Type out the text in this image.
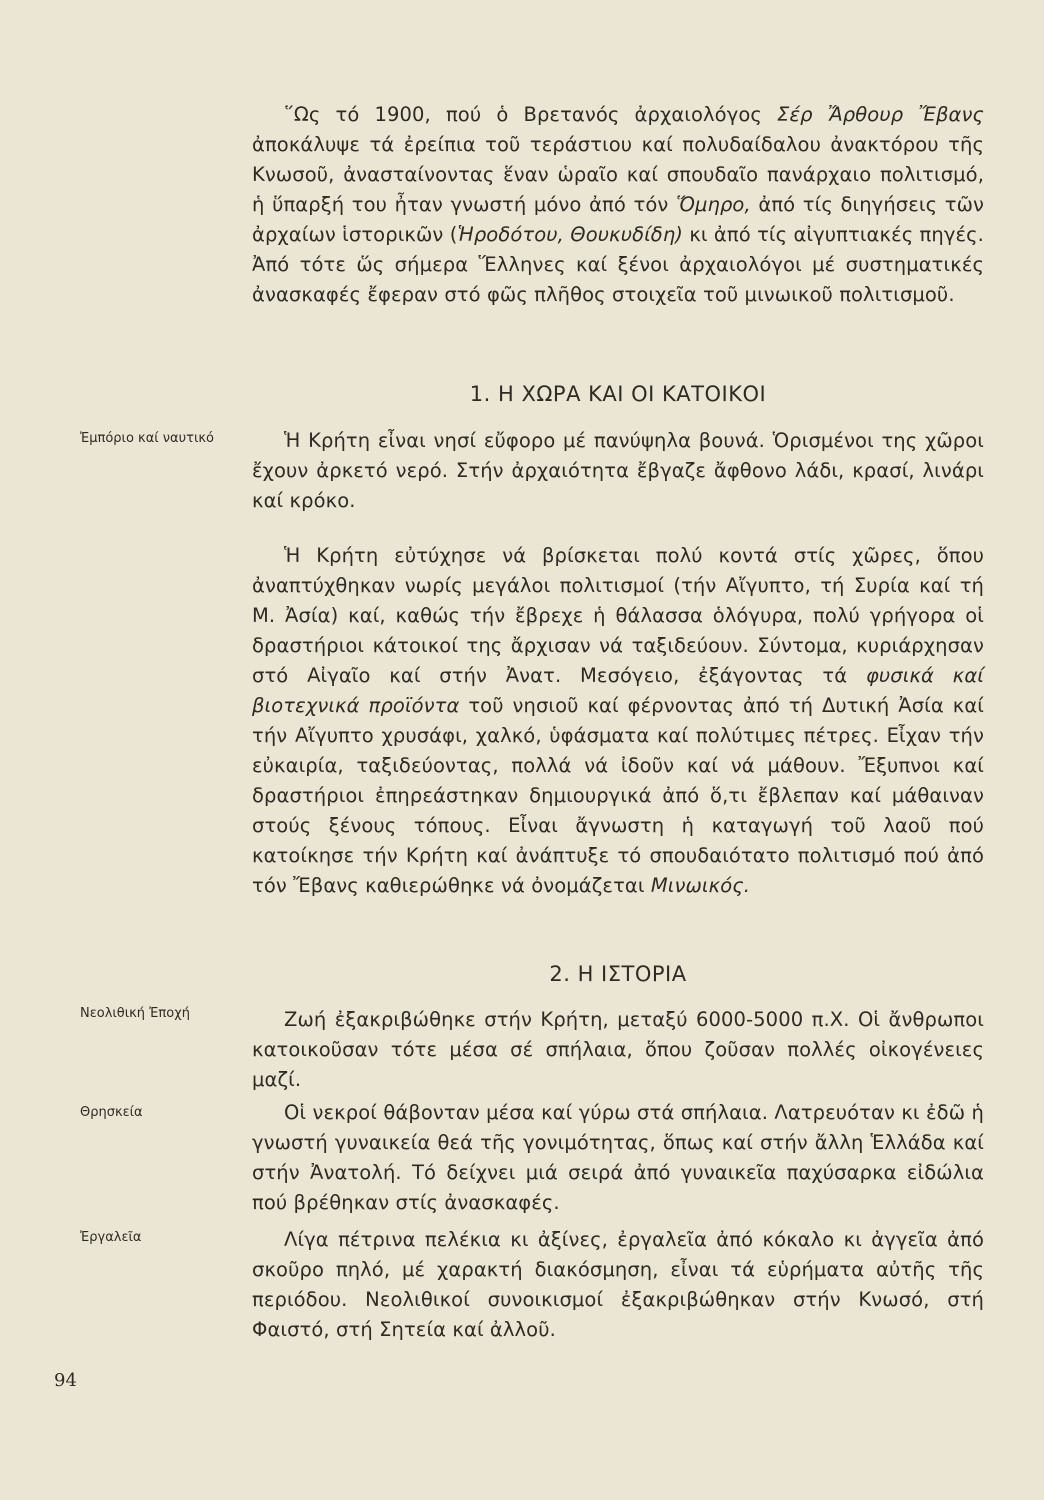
῞Ως τό 1900, πού ὁ Βρετανός ἀρχαιολόγος Σέρ Ἄρθουρ Ἔβανς ἀποκάλυψε τά ἐρείπια τοῦ τεράστιου καί πολυδαίδαλου ἀνακτόρου τῆς Κνωσοῦ, ἀνασταίνοντας ἕναν ὡραῖο καί σπουδαῖο πανάρχαιο πολιτισμό, ἡ ὕπαρξή του ἦταν γνωστή μόνο ἀπό τόν Ὅμηρο, ἀπό τίς διηγήσεις τῶν ἀρχαίων ἱστορικῶν (Ἡροδότου, Θουκυδίδη) κι ἀπό τίς αἰγυπτιακές πηγές. Ἀπό τότε ὥς σήμερα Ἕλληνες καί ξένοι ἀρχαιολόγοι μέ συστηματικές ἀνασκαφές ἔφεραν στό φῶς πλῆθος στοιχεῖα τοῦ μινωικοῦ πολιτισμοῦ.

1. Η ΧΩΡΑ ΚΑΙ ΟΙ ΚΑΤΟΙΚΟΙ
Ἐμπόριο καί ναυτικό	Ἡ Κρήτη εἶναι νησί εὔφορο μέ πανύψηλα βουνά. Ὁρισμένοι της χῶροι ἔχουν ἀρκετό νερό. Στήν ἀρχαιότητα ἔβγαζε ἄφθονο λάδι, κρασί, λινάρι καί κρόκο.

Ἡ Κρήτη εὐτύχησε νά βρίσκεται πολύ κοντά στίς χῶρες, ὅπου ἀναπτύχθηκαν νωρίς μεγάλοι πολιτισμοί (τήν Αἴγυπτο, τή Συρία καί τή Μ. Ἀσία) καί, καθώς τήν ἔβρεχε ἡ θάλασσα ὁλόγυρα, πολύ γρήγορα οἱ δραστήριοι κάτοικοί της ἄρχισαν νά ταξιδεύουν. Σύντομα, κυριάρχησαν στό Αἰγαῖο καί στήν Ἀνατ. Μεσόγειο, ἐξάγοντας τά φυσικά καί βιοτεχνικά προϊόντα τοῦ νησιοῦ καί φέρνοντας ἀπό τή Δυτική Ἀσία καί τήν Αἴγυπτο χρυσάφι, χαλκό, ὑφάσματα καί πολύτιμες πέτρες. Εἶχαν τήν εὐκαιρία, ταξιδεύοντας, πολλά νά ἰδοῦν καί νά μάθουν. Ἔξυπνοι καί δραστήριοι ἐπηρεάστηκαν δημιουργικά ἀπό ὅ,τι ἔβλεπαν καί μάθαιναν στούς ξένους τόπους. Εἶναι ἄγνωστη ἡ καταγωγή τοῦ λαοῦ πού κατοίκησε τήν Κρήτη καί ἀνάπτυξε τό σπουδαιότατο πολιτισμό πού ἀπό τόν Ἔβανς καθιερώθηκε νά ὀνομάζεται Μινωικός.

2. Η ΙΣΤΟΡΙΑ
Νεολιθική Ἐποχή	Ζωή ἐξακριβώθηκε στήν Κρήτη, μεταξύ 6000-5000 π.Χ. Οἱ ἄνθρωποι κατοικοῦσαν τότε μέσα σέ σπήλαια, ὅπου ζοῦσαν πολλές οἰκογένειες μαζί.

Θρησκεία	Οἱ νεκροί θάβονταν μέσα καί γύρω στά σπήλαια. Λατρευόταν κι ἐδῶ ἡ γνωστή γυναικεία θεά τῆς γονιμότητας, ὅπως καί στήν ἄλλη Ἑλλάδα καί στήν Ἀνατολή. Τό δείχνει μιά σειρά ἀπό γυναικεῖα παχύσαρκα εἰδώλια πού βρέθηκαν στίς ἀνασκαφές.

Ἐργαλεῖα	Λίγα πέτρινα πελέκια κι ἀξίνες, ἐργαλεῖα ἀπό κόκαλο κι ἀγγεῖα ἀπό σκοῦρο πηλό, μέ χαρακτή διακόσμηση, εἶναι τά εὑρήματα αὐτῆς τῆς περιόδου. Νεολιθικοί συνοικισμοί ἐξακριβώθηκαν στήν Κνωσό, στή Φαιστό, στή Σητεία καί ἀλλοῦ.

94
